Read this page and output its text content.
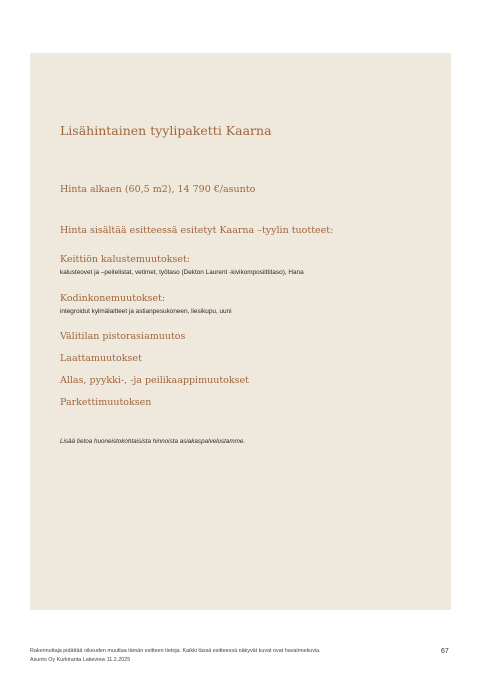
Lisähintainen tyylipaketti Kaarna
Hinta alkaen (60,5 m2), 14 790 €/asunto
Hinta sisältää esitteessä esitetyt Kaarna –tyylin tuotteet:
Keittiön kalustemuutokset:
kalusteovet ja –peitelistat, vetimet, työtaso (Dekton Laurent -kivikomposiittitaso), Hana
Kodinkonemuutokset:
integroidut kylmälaitteet ja astianpesukoneen, liesikupu, uuni
Välitilan pistorasiamuutos
Laattamuutokset
Allas, pyykki-, -ja peilikaappimuutokset
Parkettimuutoksen
Lisää tietoa huoneistokohtaisista hinnoista asiakaspalvelustamme.
Rakennuttaja pidättää oikeuden muuttaa tämän esitteen tietoja. Kaikki tässä esitteessä näkyvät kuvat ovat havainnekuvia.
Asunto Oy Kurkiranta Lakeview 11.2.2025
67
